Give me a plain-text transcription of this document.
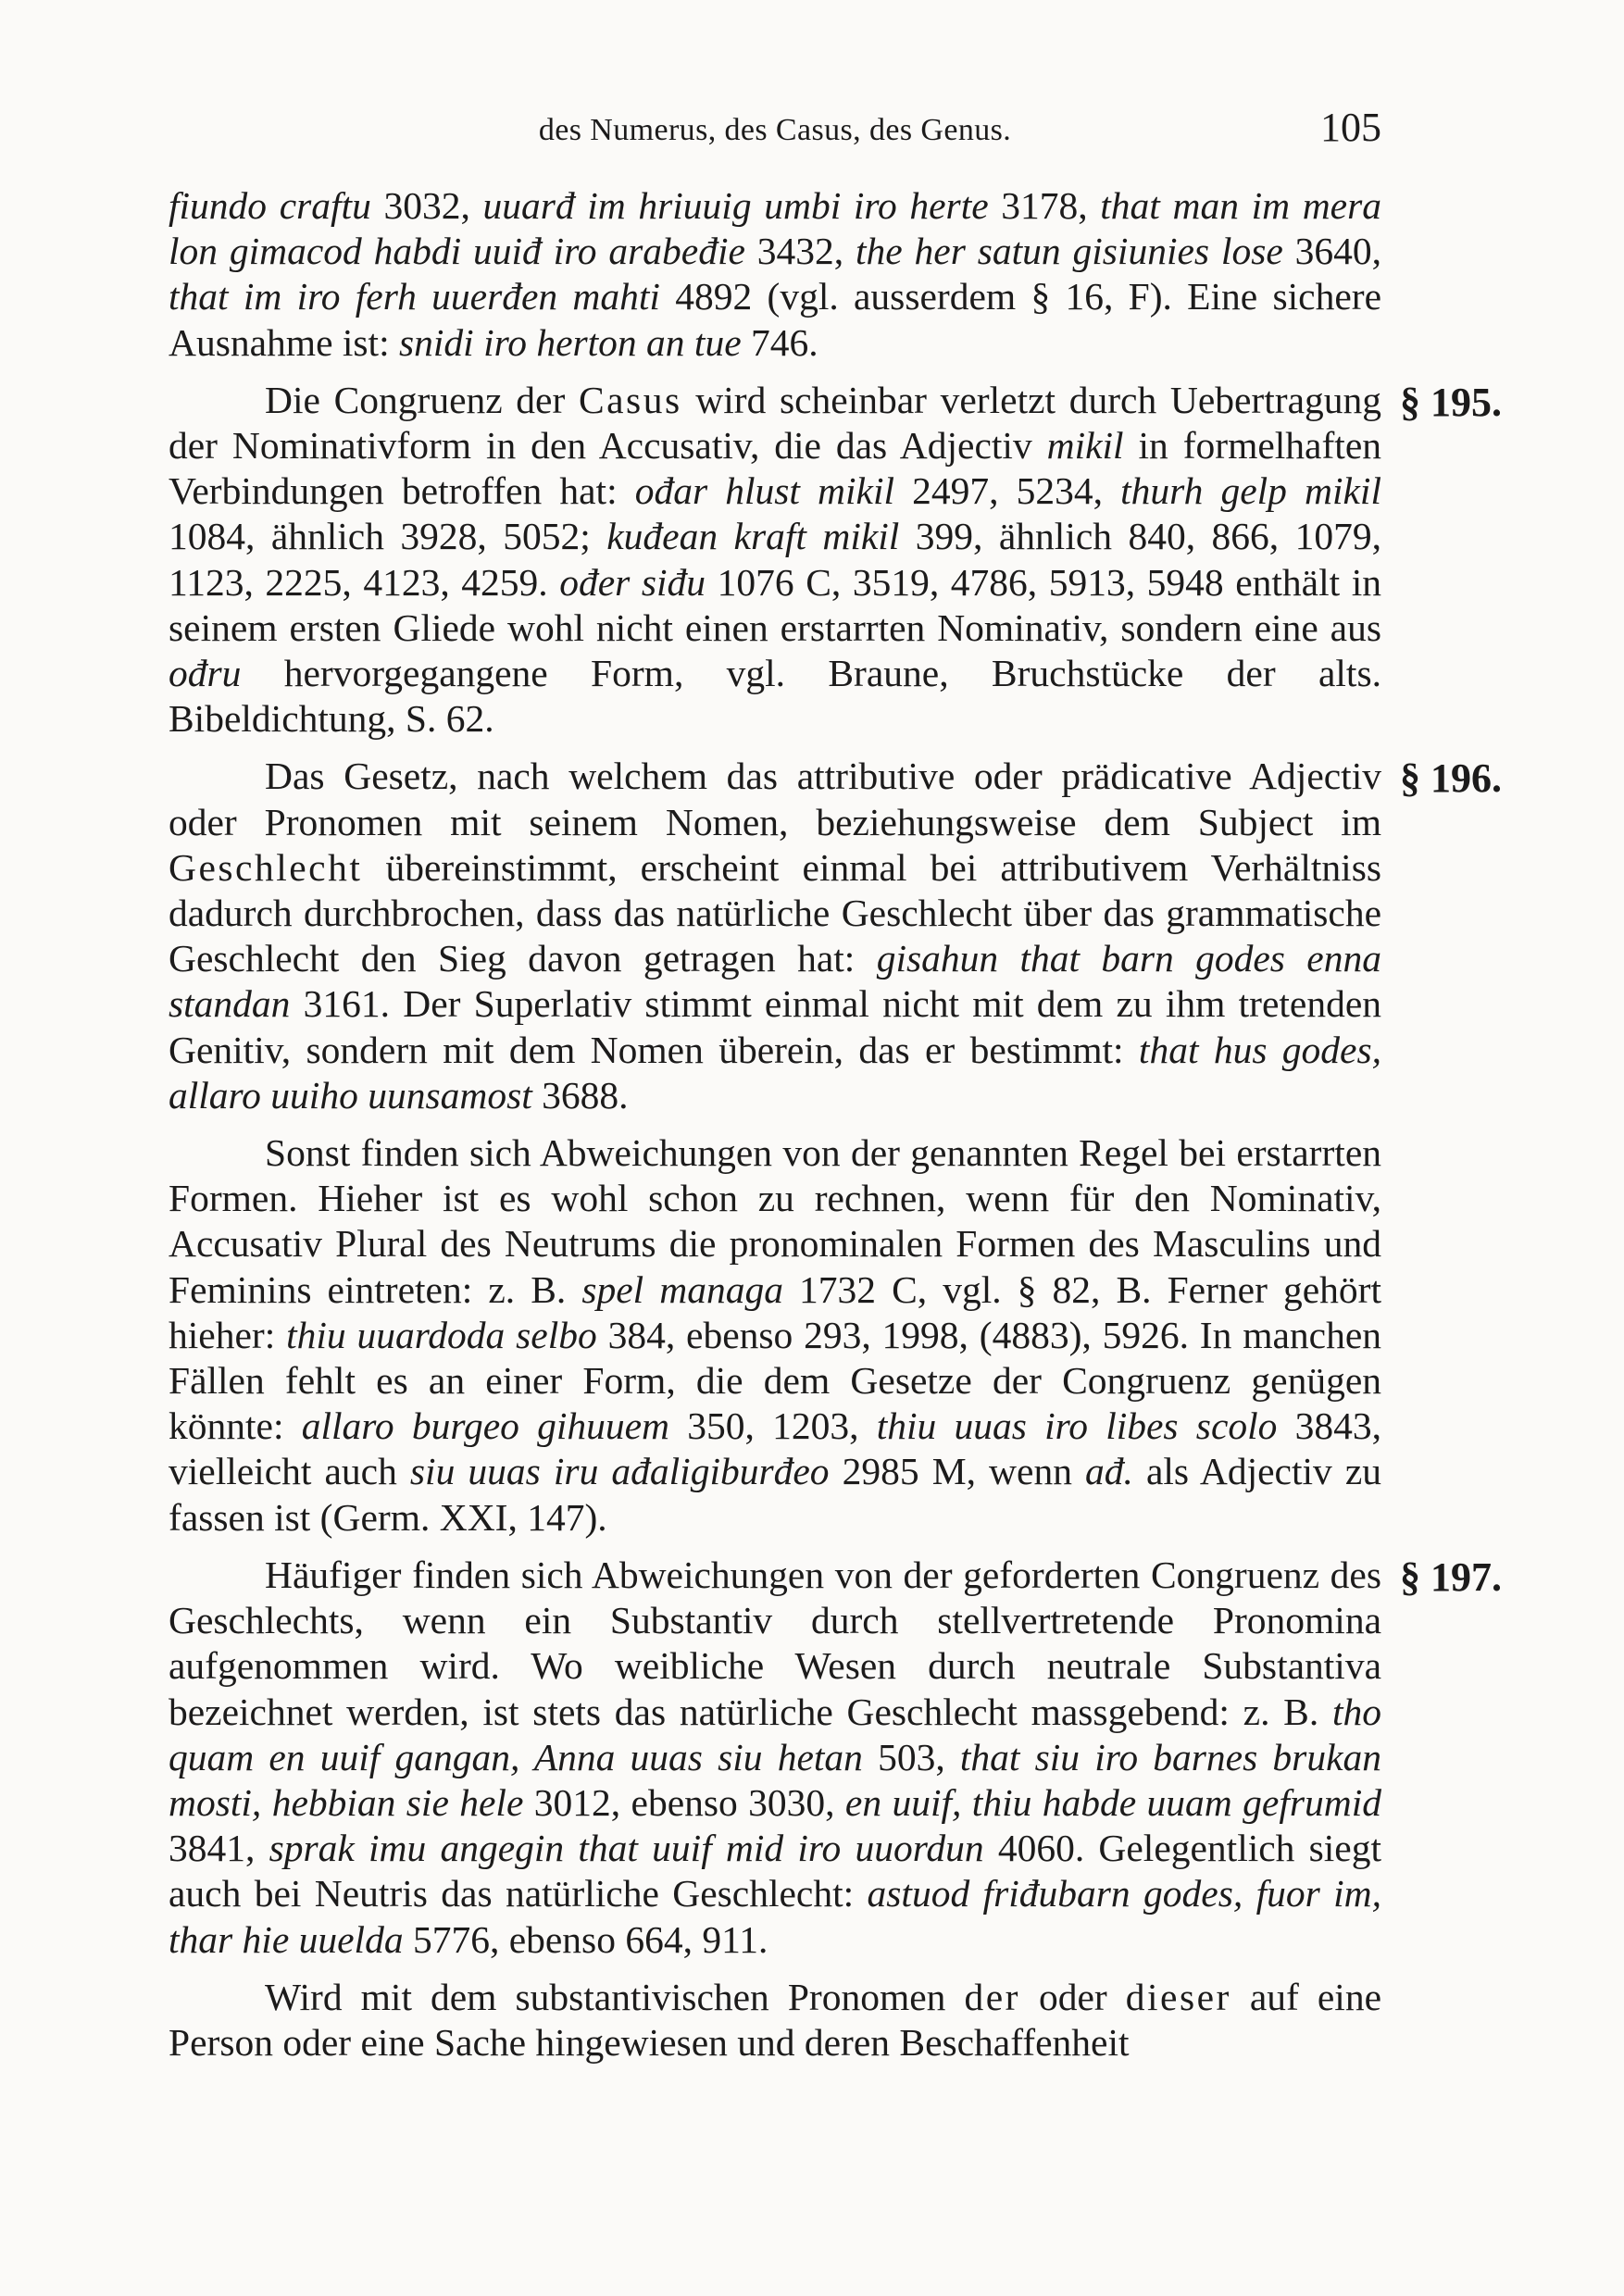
des Numerus, des Casus, des Genus.	105

fiundo craftu 3032, uuarđ im hriuuig umbi iro herte 3178, that man im mera lon gimacod habdi uuiđ iro arabeđie 3432, the her satun gisiunies lose 3640, that im iro ferh uuerđen mahti 4892 (vgl. ausserdem § 16, F). Eine sichere Ausnahme ist: snidi iro herton an tue 746.

§ 195.
Die Congruenz der Casus wird scheinbar verletzt durch Uebertragung der Nominativform in den Accusativ, die das Adjectiv mikil in formelhaften Verbindungen betroffen hat: ođar hlust mikil 2497, 5234, thurh gelp mikil 1084, ähnlich 3928, 5052; kuđean kraft mikil 399, ähnlich 840, 866, 1079, 1123, 2225, 4123, 4259. ođer siđu 1076 C, 3519, 4786, 5913, 5948 enthält in seinem ersten Gliede wohl nicht einen erstarrten Nominativ, sondern eine aus ođru hervorgegangene Form, vgl. Braune, Bruchstücke der alts. Bibeldichtung, S. 62.

§ 196.
Das Gesetz, nach welchem das attributive oder prädicative Adjectiv oder Pronomen mit seinem Nomen, beziehungsweise dem Subject im Geschlecht übereinstimmt, erscheint einmal bei attributivem Verhältniss dadurch durchbrochen, dass das natürliche Geschlecht über das grammatische Geschlecht den Sieg davon getragen hat: gisahun that barn godes enna standan 3161. Der Superlativ stimmt einmal nicht mit dem zu ihm tretenden Genitiv, sondern mit dem Nomen überein, das er bestimmt: that hus godes, allaro uuiho uunsamost 3688.

Sonst finden sich Abweichungen von der genannten Regel bei erstarrten Formen. Hieher ist es wohl schon zu rechnen, wenn für den Nominativ, Accusativ Plural des Neutrums die pronominalen Formen des Masculins und Feminins eintreten: z. B. spel managa 1732 C, vgl. § 82, B. Ferner gehört hieher: thiu uuardoda selbo 384, ebenso 293, 1998, (4883), 5926. In manchen Fällen fehlt es an einer Form, die dem Gesetze der Congruenz genügen könnte: allaro burgeo gihuuem 350, 1203, thiu uuas iro libes scolo 3843, vielleicht auch siu uuas iru ađaligiburđeo 2985 M, wenn ađ. als Adjectiv zu fassen ist (Germ. XXI, 147).

§ 197.
Häufiger finden sich Abweichungen von der geforderten Congruenz des Geschlechts, wenn ein Substantiv durch stellvertretende Pronomina aufgenommen wird. Wo weibliche Wesen durch neutrale Substantiva bezeichnet werden, ist stets das natürliche Geschlecht massgebend: z. B. tho quam en uuif gangan, Anna uuas siu hetan 503, that siu iro barnes brukan mosti, hebbian sie hele 3012, ebenso 3030, en uuif, thiu habde uuam gefrumid 3841, sprak imu angegin that uuif mid iro uuordun 4060. Gelegentlich siegt auch bei Neutris das natürliche Geschlecht: astuod friđubarn godes, fuor im, thar hie uuelda 5776, ebenso 664, 911.

Wird mit dem substantivischen Pronomen der oder dieser auf eine Person oder eine Sache hingewiesen und deren Beschaffenheit
